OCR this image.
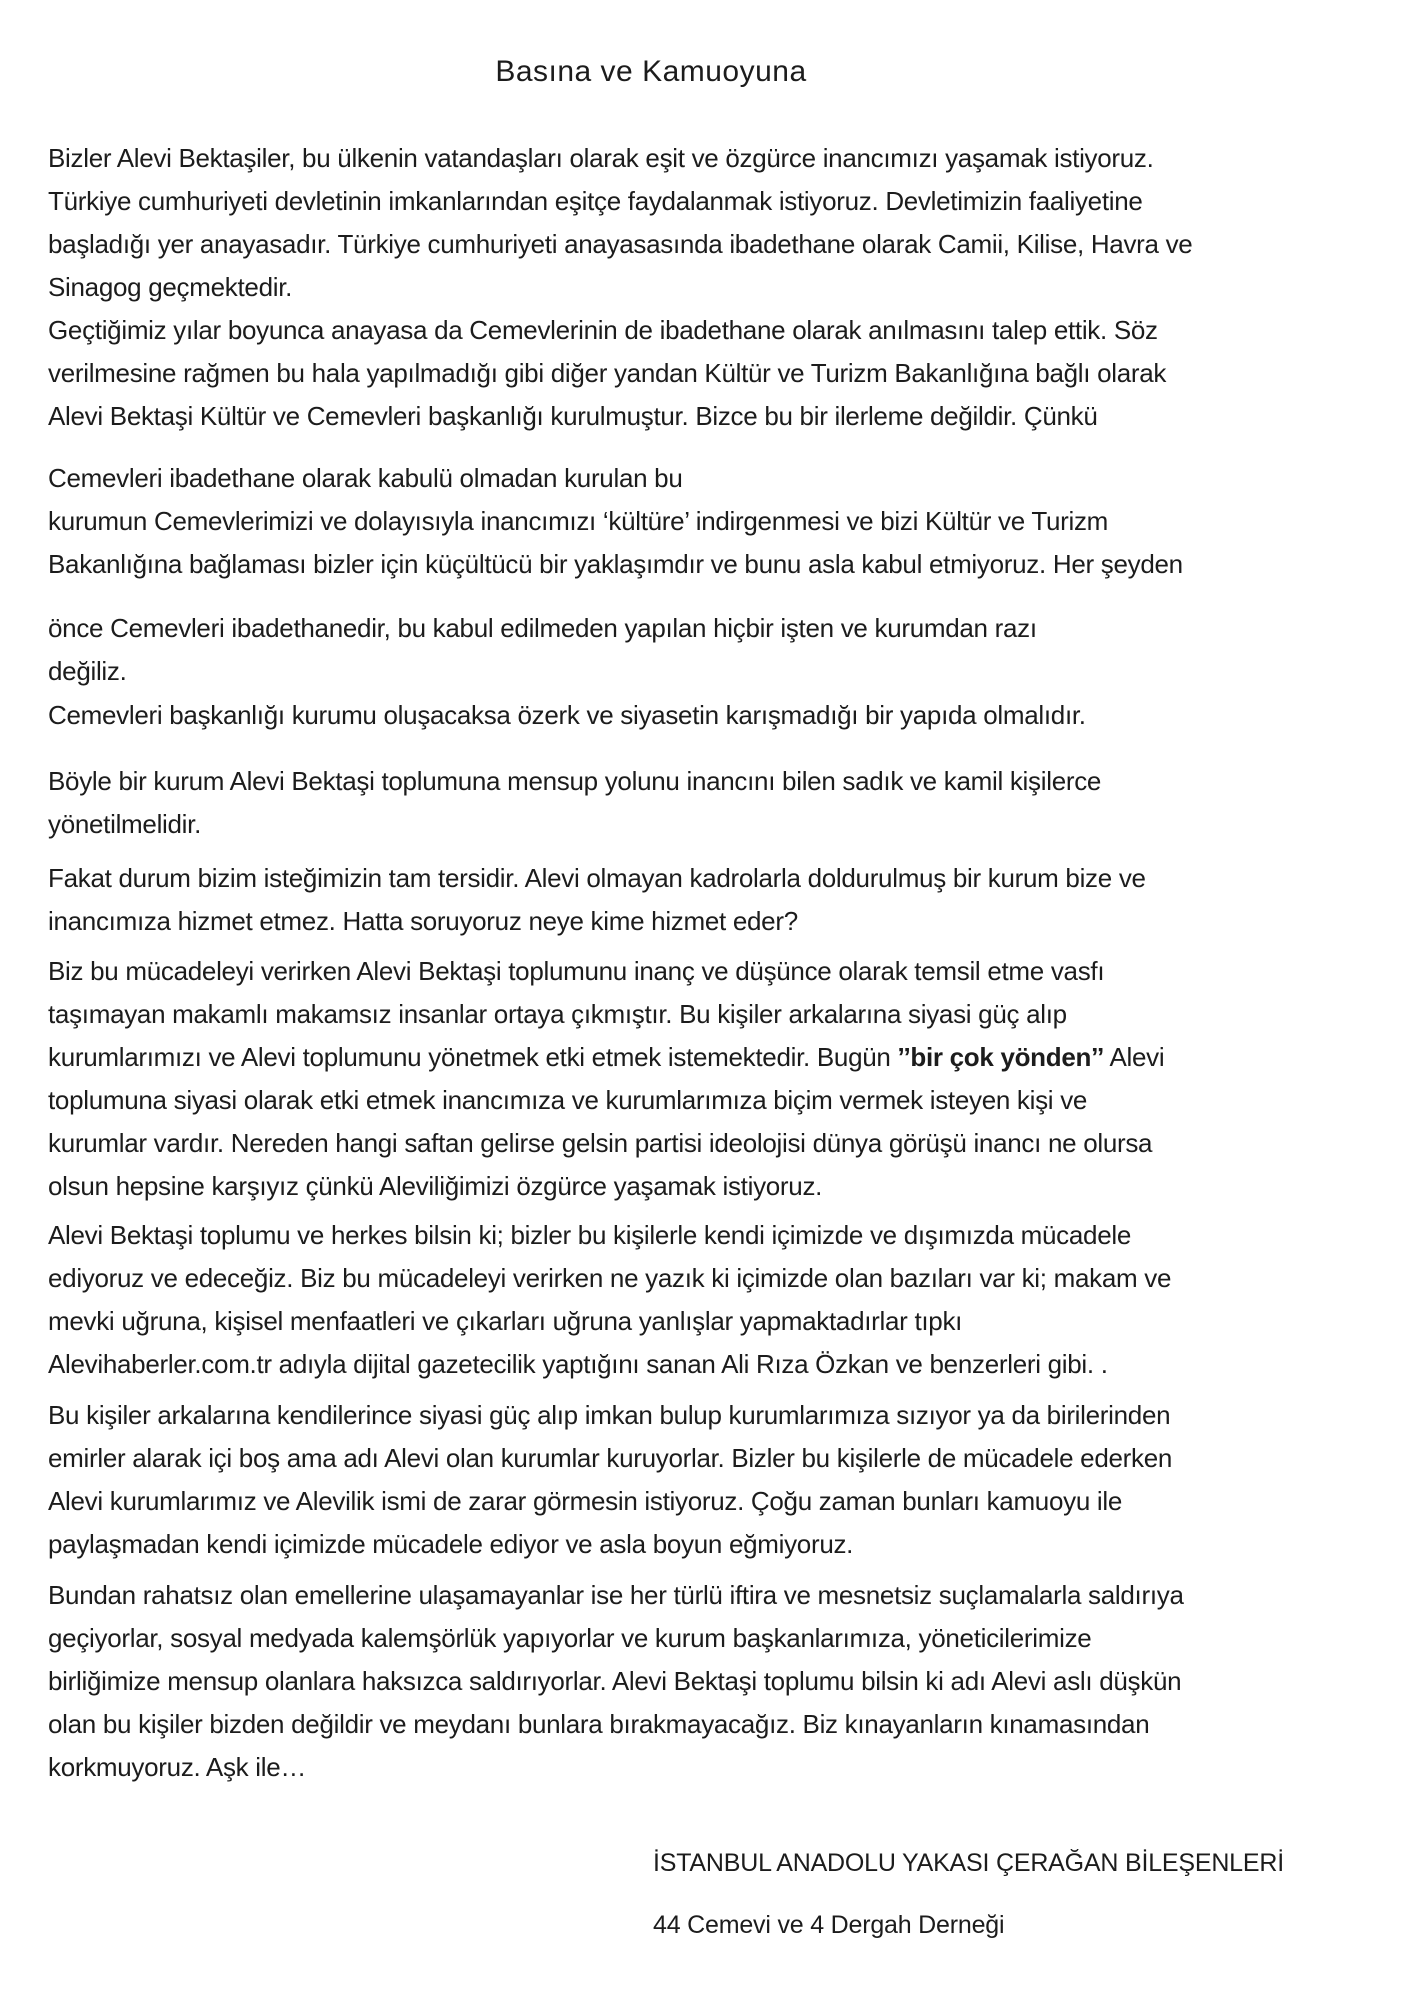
Basına ve Kamuoyuna
Bizler Alevi Bektaşiler, bu ülkenin vatandaşları olarak eşit ve özgürce inancımızı yaşamak istiyoruz.
Türkiye cumhuriyeti devletinin imkanlarından eşitçe faydalanmak istiyoruz. Devletimizin faaliyetine
başladığı yer anayasadır. Türkiye cumhuriyeti anayasasında ibadethane olarak Camii, Kilise, Havra ve
Sinagog geçmektedir.
Geçtiğimiz yılar boyunca anayasa da Cemevlerinin de ibadethane olarak anılmasını talep ettik. Söz
verilmesine rağmen bu hala yapılmadığı gibi diğer yandan Kültür ve Turizm Bakanlığına bağlı olarak
Alevi Bektaşi Kültür ve Cemevleri başkanlığı kurulmuştur. Bizce bu bir ilerleme değildir. Çünkü
Cemevleri ibadethane olarak kabulü olmadan kurulan bu
kurumun Cemevlerimizi ve dolayısıyla inancımızı ‘kültüre’ indirgenmesi ve bizi Kültür ve Turizm
Bakanlığına bağlaması bizler için küçültücü bir yaklaşımdır ve bunu asla kabul etmiyoruz. Her şeyden
önce Cemevleri ibadethanedir, bu kabul edilmeden yapılan hiçbir işten ve kurumdan razı
değiliz.
Cemevleri başkanlığı kurumu oluşacaksa özerk ve siyasetin karışmadığı bir yapıda olmalıdır.
Böyle bir kurum Alevi Bektaşi toplumuna mensup yolunu inancını bilen sadık ve kamil kişilerce
yönetilmelidir.
Fakat durum bizim isteğimizin tam tersidir. Alevi olmayan kadrolarla doldurulmuş bir kurum bize ve
inancımıza hizmet etmez. Hatta soruyoruz neye kime hizmet eder?
Biz bu mücadeleyi verirken Alevi Bektaşi toplumunu inanç ve düşünce olarak temsil etme vasfı
taşımayan makamlı makamsız insanlar ortaya çıkmıştır. Bu kişiler arkalarına siyasi güç alıp
kurumlarımızı ve Alevi toplumunu yönetmek etki etmek istemektedir. Bugün ’’bir çok yönden’’ Alevi
toplumuna siyasi olarak etki etmek inancımıza ve kurumlarımıza biçim vermek isteyen kişi ve
kurumlar vardır. Nereden hangi saftan gelirse gelsin partisi ideolojisi dünya görüşü inancı ne olursa
olsun hepsine karşıyız çünkü Aleviliğimizi özgürce yaşamak istiyoruz.
Alevi Bektaşi toplumu ve herkes bilsin ki; bizler bu kişilerle kendi içimizde ve dışımızda mücadele
ediyoruz ve edeceğiz. Biz bu mücadeleyi verirken ne yazık ki içimizde olan bazıları var ki; makam ve
mevki uğruna, kişisel menfaatleri ve çıkarları uğruna yanlışlar yapmaktadırlar tıpkı
Alevihaberler.com.tr adıyla dijital gazetecilik yaptığını sanan Ali Rıza Özkan ve benzerleri gibi. .
Bu kişiler arkalarına kendilerince siyasi güç alıp imkan bulup kurumlarımıza sızıyor ya da birilerinden
emirler alarak içi boş ama adı Alevi olan kurumlar kuruyorlar. Bizler bu kişilerle de mücadele ederken
Alevi kurumlarımız ve Alevilik ismi de zarar görmesin istiyoruz. Çoğu zaman bunları kamuoyu ile
paylaşmadan kendi içimizde mücadele ediyor ve asla boyun eğmiyoruz.
Bundan rahatsız olan emellerine ulaşamayanlar ise her türlü iftira ve mesnetsiz suçlamalarla saldırıya
geçiyorlar, sosyal medyada kalemşörlük yapıyorlar ve kurum başkanlarımıza, yöneticilerimize
birliğimize mensup olanlara haksızca saldırıyorlar. Alevi Bektaşi toplumu bilsin ki adı Alevi aslı düşkün
olan bu kişiler bizden değildir ve meydanı bunlara bırakmayacağız. Biz kınayanların kınamasından
korkmuyoruz. Aşk ile…
İSTANBUL ANADOLU YAKASI ÇERAĞAN BİLEŞENLERİ
44 Cemevi ve 4 Dergah Derneği
